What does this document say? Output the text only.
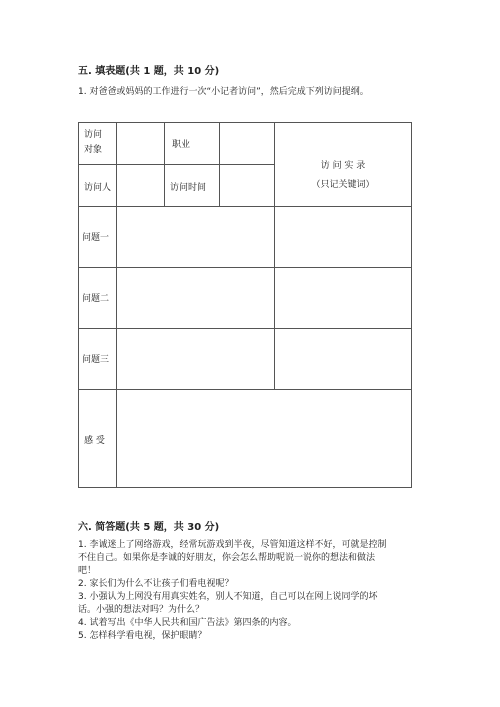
五. 填表题(共 1 题，共 10 分)
1. 对爸爸或妈妈的工作进行一次“小记者访问”，然后完成下列访问提纲。
访问
对象	职业
访问人	访问时间
访 问 实 录
（只记关键词）
问题一
问题二
问题三
感 受
六. 简答题(共 5 题，共 30 分)
1. 李诚迷上了网络游戏，经常玩游戏到半夜，尽管知道这样不好，可就是控制
不住自己。如果你是李诚的好朋友，你会怎么帮助呢说一说你的想法和做法
吧！
2. 家长们为什么不让孩子们看电视呢？
3. 小强认为上网没有用真实姓名，别人不知道，自己可以在网上说同学的坏
话。小强的想法对吗？为什么？
4. 试着写出《中华人民共和国广告法》第四条的内容。
5. 怎样科学看电视，保护眼睛？
